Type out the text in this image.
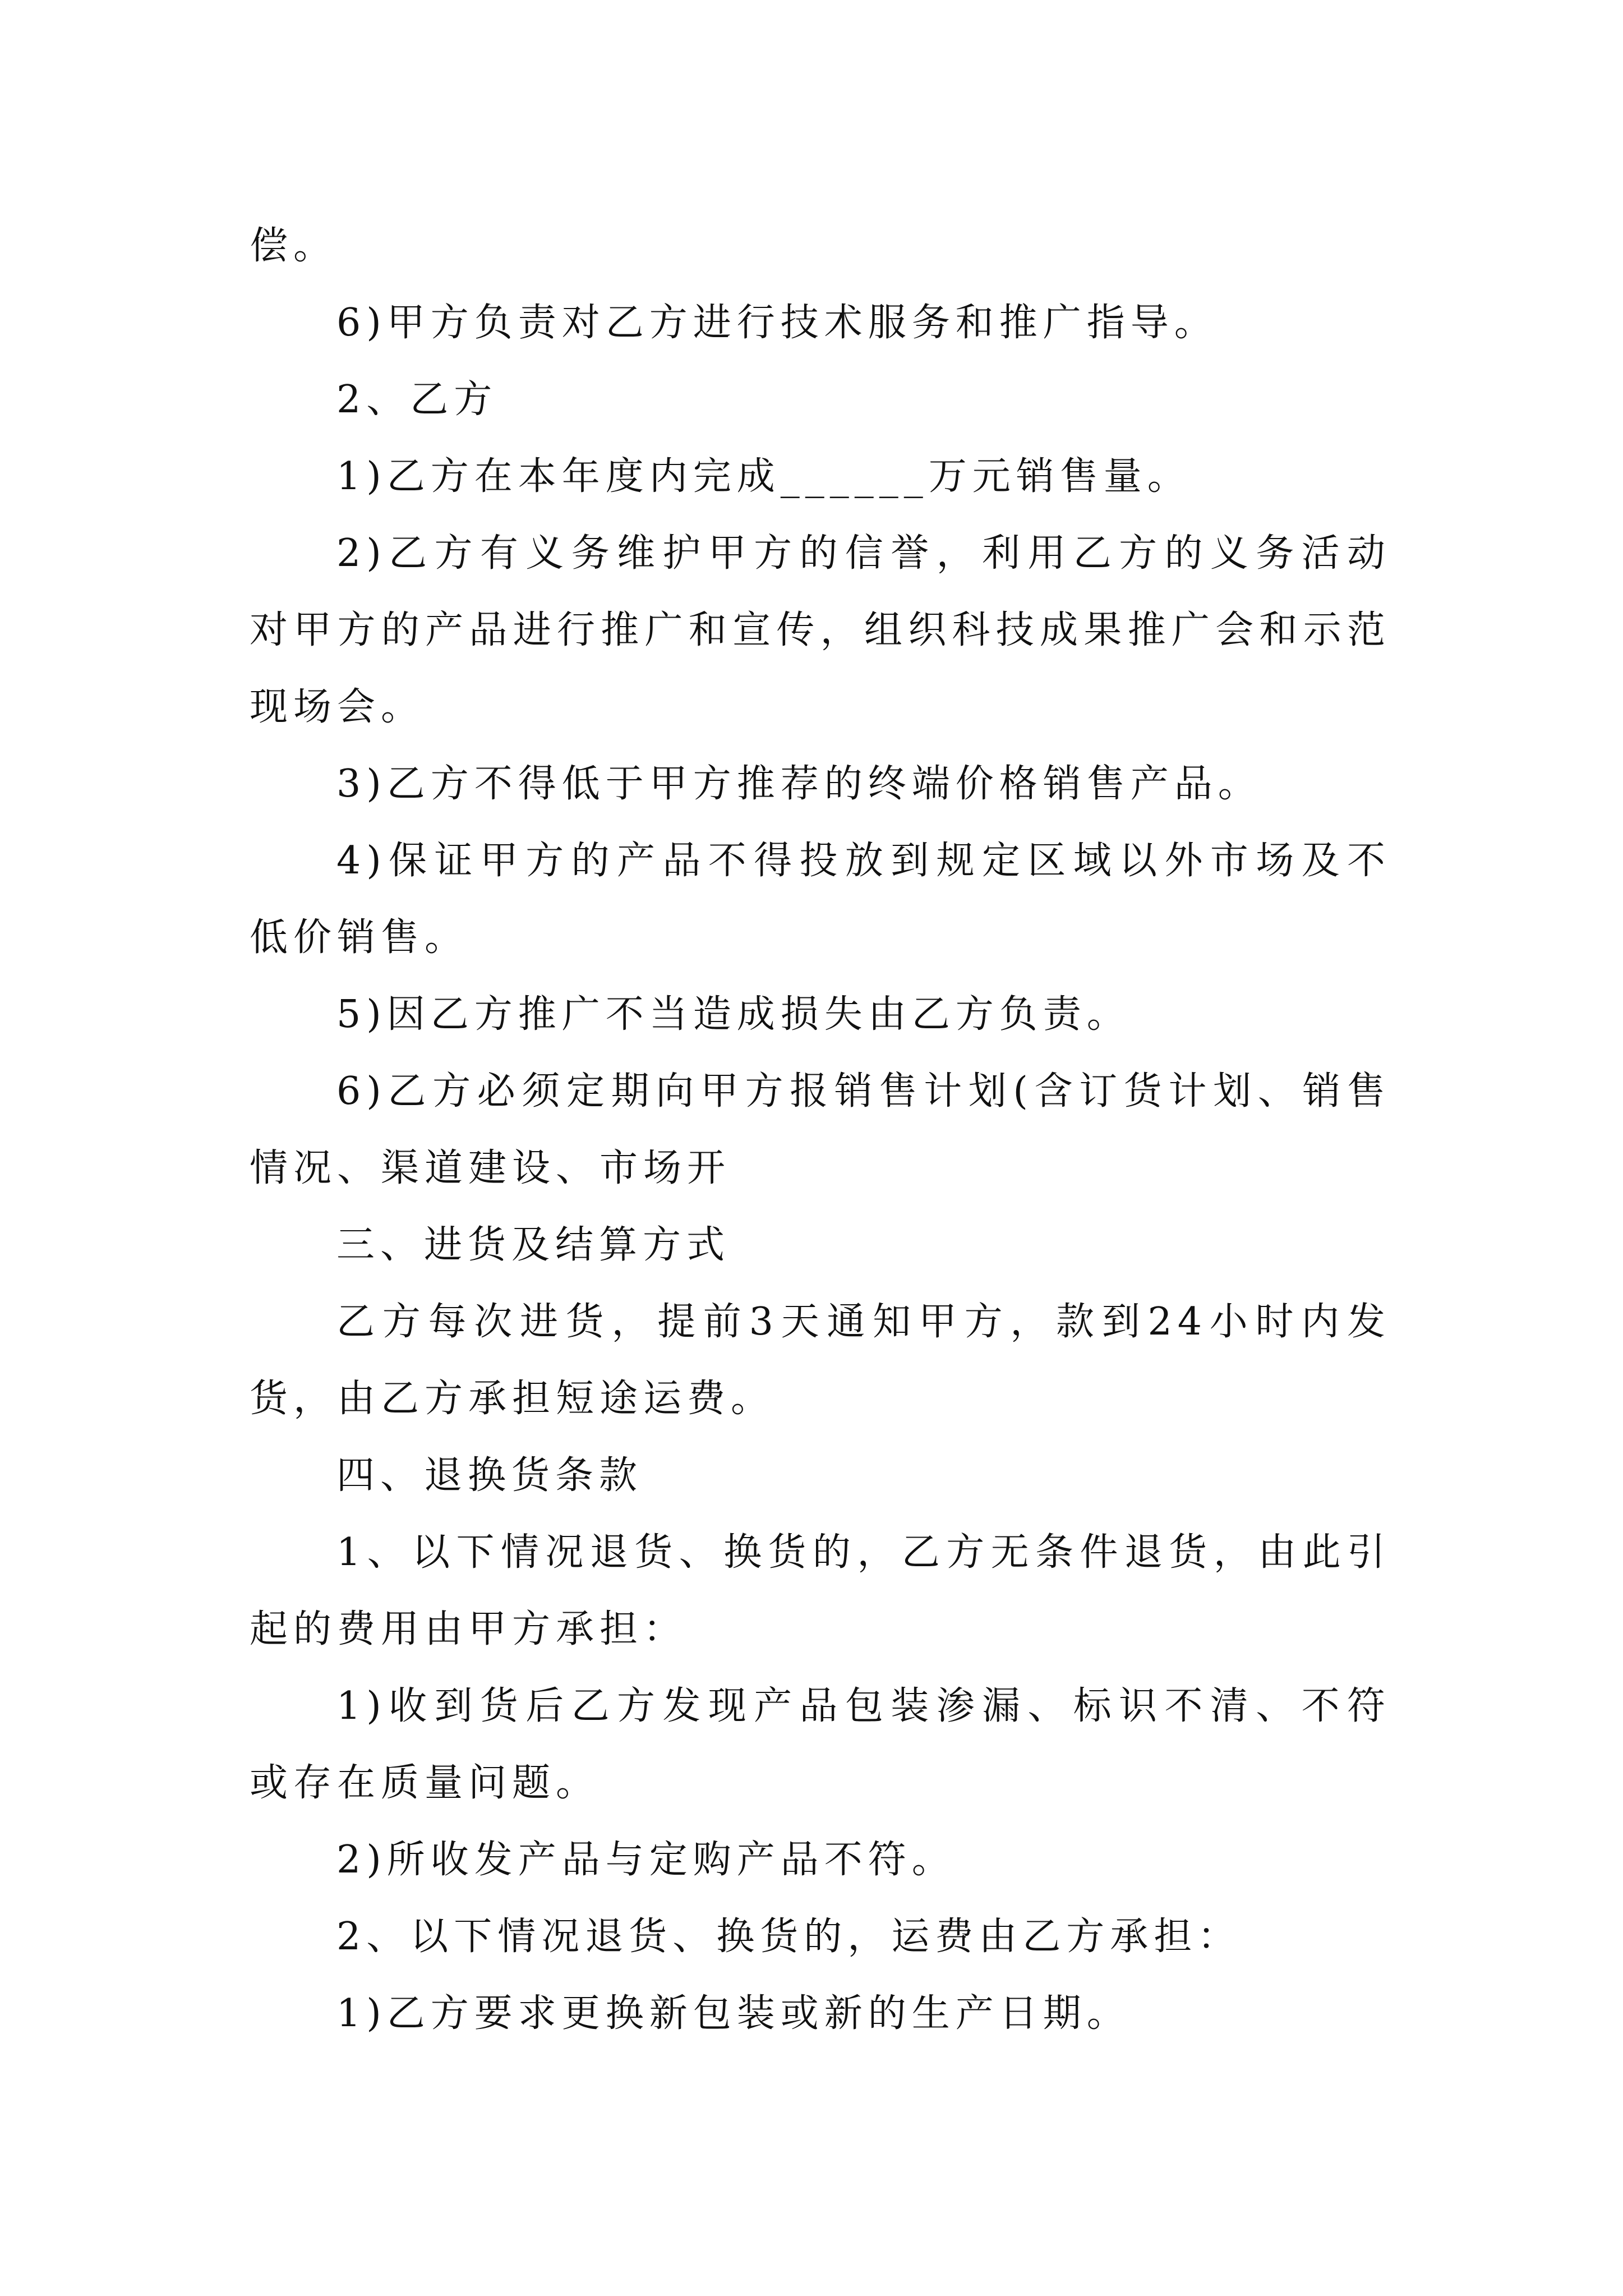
偿。

6)甲方负责对乙方进行技术服务和推广指导。

2、乙方

1)乙方在本年度内完成______万元销售量。

2)乙方有义务维护甲方的信誉，利用乙方的义务活动对甲方的产品进行推广和宣传，组织科技成果推广会和示范现场会。

3)乙方不得低于甲方推荐的终端价格销售产品。

4)保证甲方的产品不得投放到规定区域以外市场及不低价销售。

5)因乙方推广不当造成损失由乙方负责。

6)乙方必须定期向甲方报销售计划(含订货计划、销售情况、渠道建设、市场开

三、进货及结算方式

乙方每次进货，提前3天通知甲方，款到24小时内发货，由乙方承担短途运费。

四、退换货条款

1、以下情况退货、换货的，乙方无条件退货，由此引起的费用由甲方承担：

1)收到货后乙方发现产品包装渗漏、标识不清、不符或存在质量问题。

2)所收发产品与定购产品不符。

2、以下情况退货、换货的，运费由乙方承担：

1)乙方要求更换新包装或新的生产日期。
